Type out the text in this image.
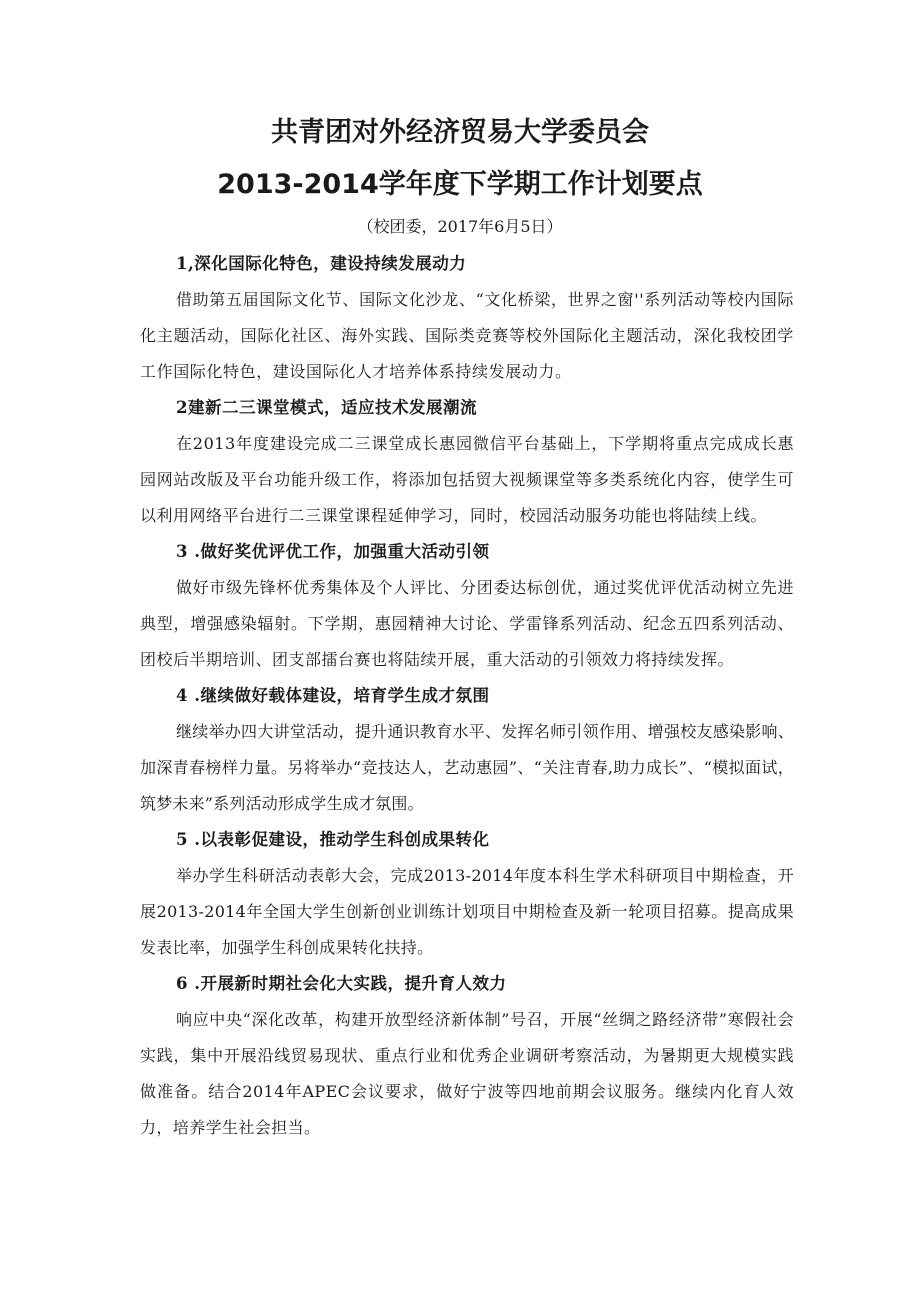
共青团对外经济贸易大学委员会
2013-2014学年度下学期工作计划要点
（校团委，2017年6月5日）

1,深化国际化特色，建设持续发展动力

借助第五届国际文化节、国际文化沙龙、“文化桥梁，世界之窗''系列活动等校内国际化主题活动，国际化社区、海外实践、国际类竞赛等校外国际化主题活动，深化我校团学工作国际化特色，建设国际化人才培养体系持续发展动力。

2建新二三课堂模式，适应技术发展潮流

在2013年度建设完成二三课堂成长惠园微信平台基础上，下学期将重点完成成长惠园网站改版及平台功能升级工作，将添加包括贸大视频课堂等多类系统化内容，使学生可以利用网络平台进行二三课堂课程延伸学习，同时，校园活动服务功能也将陆续上线。

3 .做好奖优评优工作，加强重大活动引领

做好市级先锋杯优秀集体及个人评比、分团委达标创优，通过奖优评优活动树立先进典型，增强感染辐射。下学期，惠园精神大讨论、学雷锋系列活动、纪念五四系列活动、团校后半期培训、团支部擂台赛也将陆续开展，重大活动的引领效力将持续发挥。

4 .继续做好载体建设，培育学生成才氛围

继续举办四大讲堂活动，提升通识教育水平、发挥名师引领作用、增强校友感染影响、加深青春榜样力量。另将举办“竞技达人，艺动惠园”、“关注青春,助力成长”、“模拟面试，筑梦未来”系列活动形成学生成才氛围。

5 .以表彰促建设，推动学生科创成果转化

举办学生科研活动表彰大会，完成2013-2014年度本科生学术科研项目中期检查，开展2013-2014年全国大学生创新创业训练计划项目中期检查及新一轮项目招募。提高成果发表比率，加强学生科创成果转化扶持。

6 .开展新时期社会化大实践，提升育人效力

响应中央“深化改革，构建开放型经济新体制”号召，开展“丝绸之路经济带”寒假社会实践，集中开展沿线贸易现状、重点行业和优秀企业调研考察活动，为暑期更大规模实践做准备。结合2014年APEC会议要求，做好宁波等四地前期会议服务。继续内化育人效力，培养学生社会担当。
